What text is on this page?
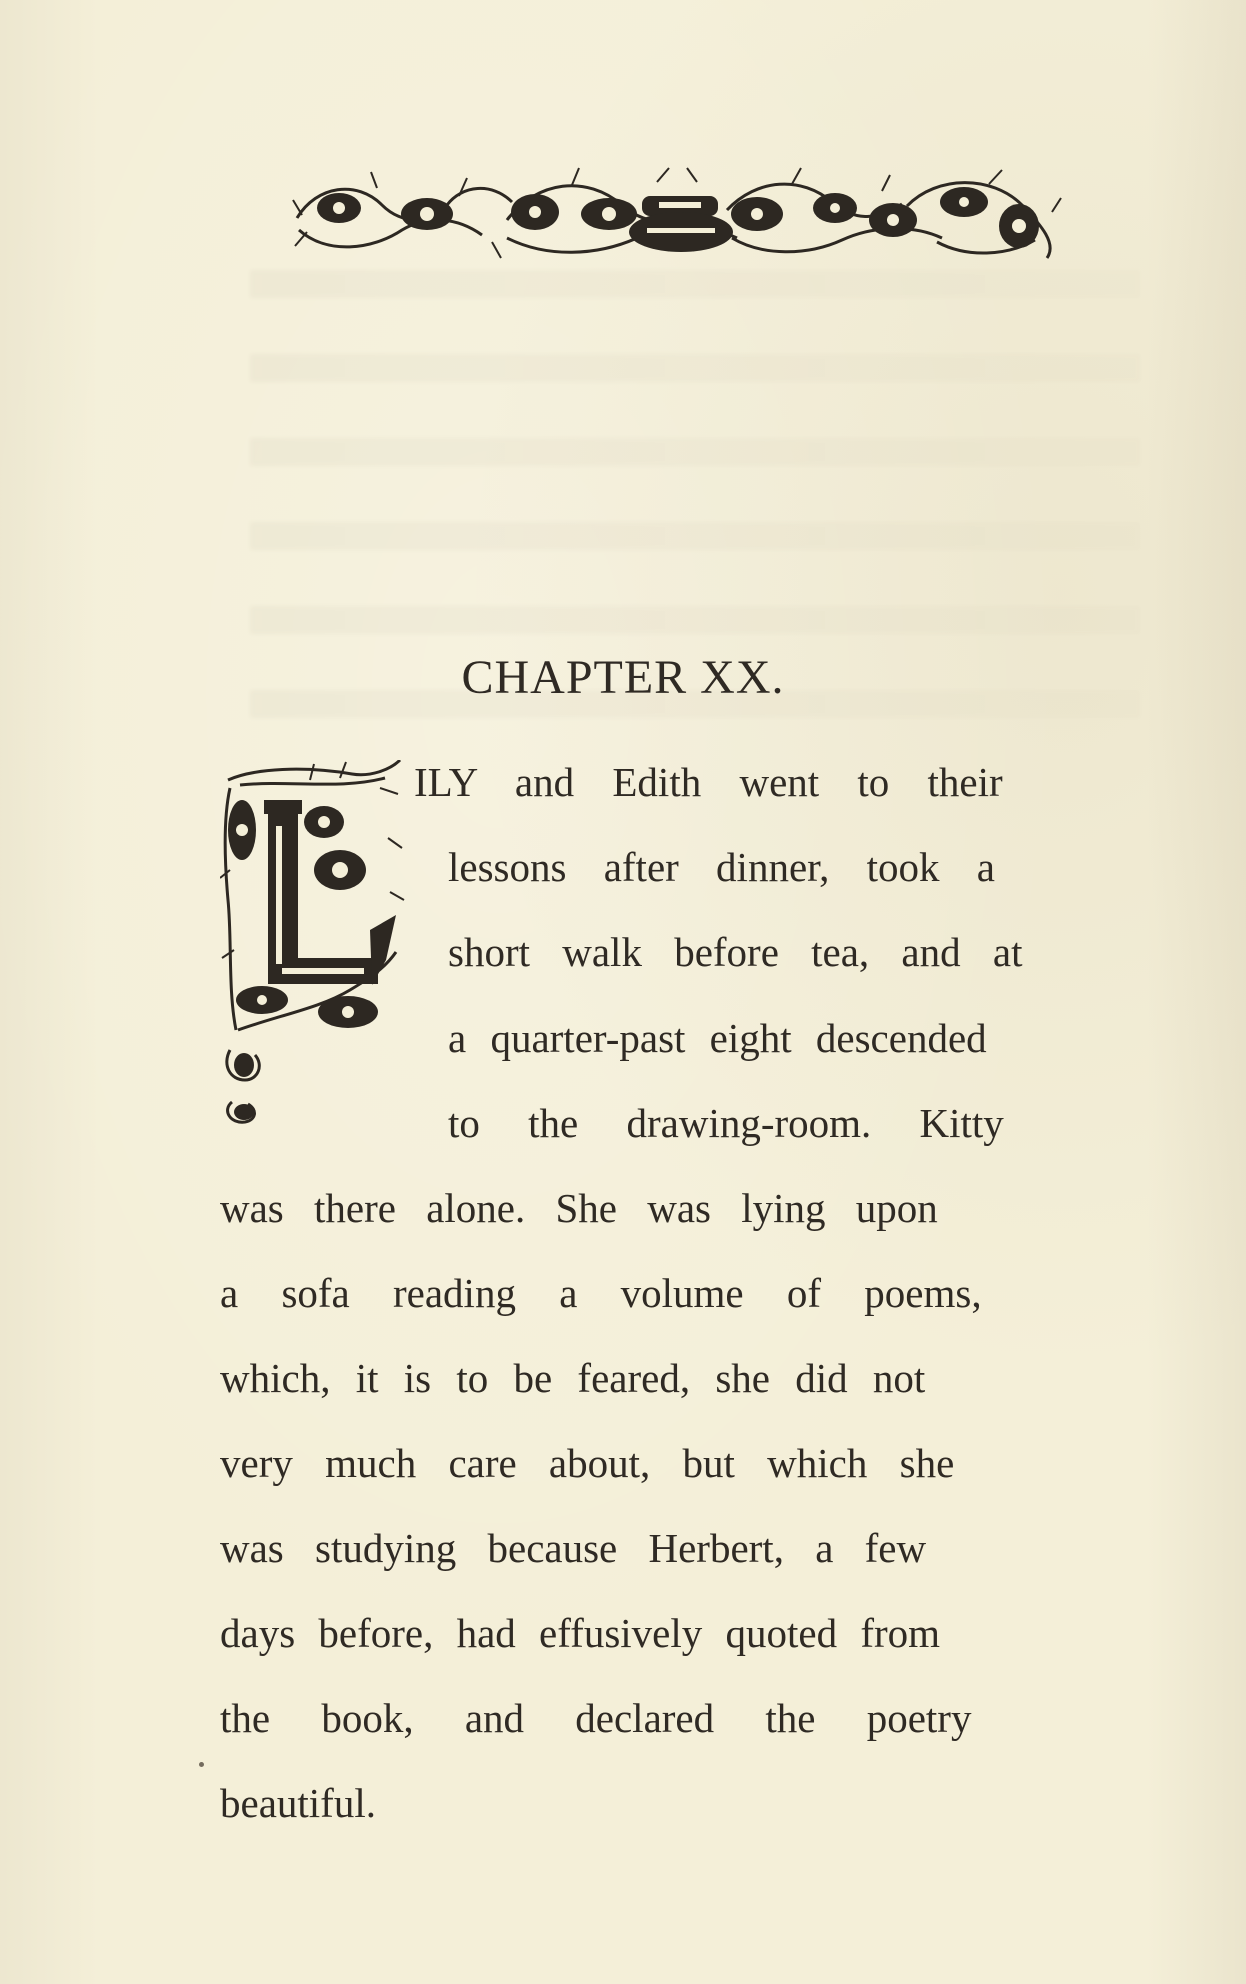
CHAPTER XX.
ILY and Edith went to their
lessons after dinner, took a
short walk before tea, and at
a quarter-past eight descended
to the drawing-room. Kitty
was there alone. She was lying upon
a sofa reading a volume of poems,
which, it is to be feared, she did not
very much care about, but which she
was studying because Herbert, a few
days before, had effusively quoted from
the book, and declared the poetry
beautiful.
